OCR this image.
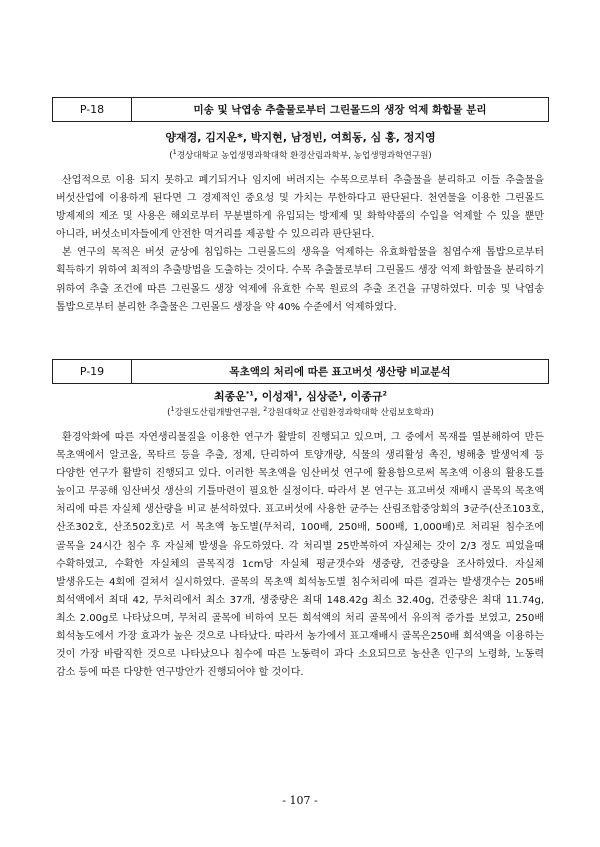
P-18	미송 및 낙엽송 추출물로부터 그린몰드의 생장 억제 화합물 분리
양재경, 김지운*, 박지현, 남정빈, 여희동, 심 홍, 정지영
($^1$경상대학교 농업생명과학대학 환경산림과학부, 농업생명과학연구원)

산업적으로 이용 되지 못하고 폐기되거나 임지에 버려지는 수목으로부터 추출물을 분리하고 이들 추출물을 버섯산업에 이용하게 된다면 그 경제적인 중요성 및 가치는 무한하다고 판단된다. 천연물을 이용한 그린몰드 방제제의 제조 및 사용은 해외로부터 무분별하게 유입되는 방제제 및 화학약품의 수입을 억제할 수 있을 뿐만 아니라, 버섯소비자들에게 안전한 먹거리를 제공할 수 있으리라 판단된다.

본 연구의 목적은 버섯 균상에 침입하는 그린몰드의 생육을 억제하는 유효화합물을 침엽수재 톱밥으로부터 획득하기 위하여 최적의 추출방법을 도출하는 것이다. 수목 추출물로부터 그린몰드 생장 억제 화합물을 분리하기 위하여 추출 조건에 따른 그린몰드 생장 억제에 유효한 수목 원료의 추출 조건을 규명하였다. 미송 및 낙엽송 톱밥으로부터 분리한 추출물은 그린몰드 생장을 약 40% 수준에서 억제하였다.

P-19	목초액의 처리에 따른 표고버섯 생산량 비교분석
최종운$^{*1}$, 이성재$^1$, 심상준$^1$, 이종규$^2$
($^1$강원도산림개발연구원, $^2$강원대학교 산림환경과학대학 산림보호학과)

환경악화에 따른 자연생리물질을 이용한 연구가 활발히 진행되고 있으며, 그 중에서 목재를 열분해하여 만든 목초액에서 알코올, 목타르 등을 추출, 정제, 단리하여 토양개량, 식물의 생리활성 촉진, 병해충 발생억제 등 다양한 연구가 활발히 진행되고 있다. 이러한 목초액을 임산버섯 연구에 활용함으로써 목초액 이용의 활용도를 높이고 무공해 임산버섯 생산의 기틀마련이 필요한 실정이다. 따라서 본 연구는 표고버섯 재배시 골목의 목초액 처리에 따른 자실체 생산량을 비교 분석하였다. 표고버섯에 사용한 균주는 산림조합중앙회의 3균주(산조103호, 산조302호, 산조502호)로 서 목초액 농도별(무처리, 100배, 250배, 500배, 1,000배)로 처리된 침수조에 골목을 24시간 침수 후 자실체 발생을 유도하였다. 각 처리별 25반복하여 자실체는 갓이 2/3 정도 피었을때 수확하였고, 수확한 자실체의 골목직경 1cm당 자실체 평균갯수와 생중량, 건중량을 조사하였다. 자실체 발생유도는 4회에 걸쳐서 실시하였다. 골목의 목초액 희석농도별 침수처리에 따른 결과는 발생갯수는 205배 희석액에서 최대 42, 무처리에서 최소 37개, 생중량은 최대 148.42g 최소 32.40g, 건중량은 최대 11.74g, 최소 2.00g로 나타났으며, 무처리 골목에 비하여 모든 희석액의 처리 골목에서 유의적 증가를 보였고, 250배 희석농도에서 가장 효과가 높은 것으로 나타났다. 따라서 농가에서 표고재배시 골목은250배 희석액을 이용하는 것이 가장 바람직한 것으로 나타났으나 침수에 따른 노동력이 과다 소요되므로 농산촌 인구의 노령화, 노동력 감소 등에 따른 다양한 연구방안가 진행되어야 할 것이다.

- 107 -
